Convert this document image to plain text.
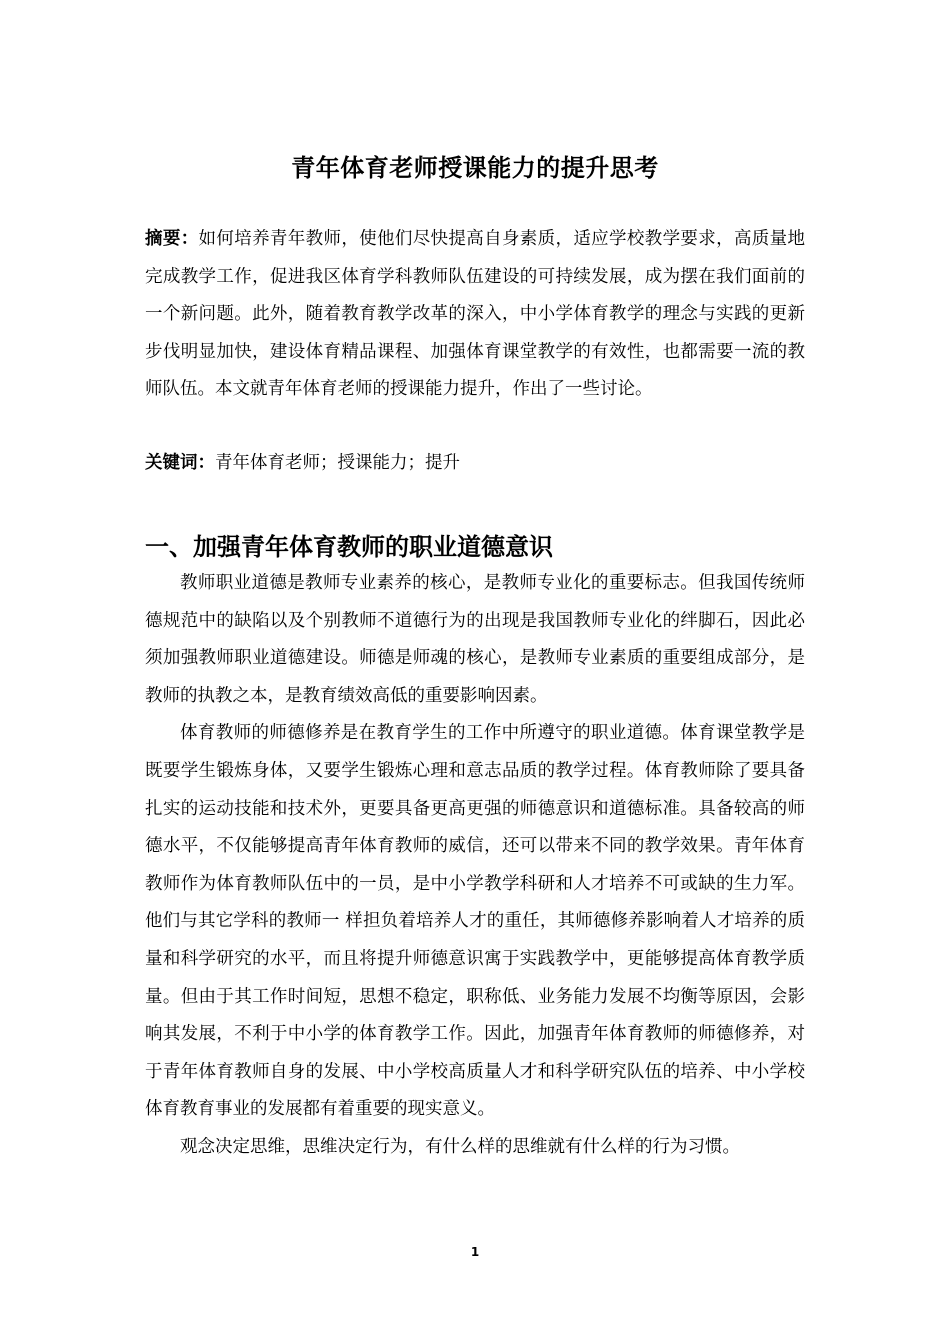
青年体育老师授课能力的提升思考

摘要：如何培养青年教师，使他们尽快提高自身素质，适应学校教学要求，高质量地完成教学工作，促进我区体育学科教师队伍建设的可持续发展，成为摆在我们面前的一个新问题。此外，随着教育教学改革的深入，中小学体育教学的理念与实践的更新步伐明显加快，建设体育精品课程、加强体育课堂教学的有效性，也都需要一流的教师队伍。本文就青年体育老师的授课能力提升，作出了一些讨论。

关键词：青年体育老师；授课能力；提升

一、加强青年体育教师的职业道德意识

教师职业道德是教师专业素养的核心，是教师专业化的重要标志。但我国传统师德规范中的缺陷以及个别教师不道德行为的出现是我国教师专业化的绊脚石，因此必须加强教师职业道德建设。师德是师魂的核心，是教师专业素质的重要组成部分，是教师的执教之本，是教育绩效高低的重要影响因素。

体育教师的师德修养是在教育学生的工作中所遵守的职业道德。体育课堂教学是既要学生锻炼身体，又要学生锻炼心理和意志品质的教学过程。体育教师除了要具备扎实的运动技能和技术外，更要具备更高更强的师德意识和道德标准。具备较高的师德水平，不仅能够提高青年体育教师的威信，还可以带来不同的教学效果。青年体育教师作为体育教师队伍中的一员，是中小学教学科研和人才培养不可或缺的生力军。他们与其它学科的教师一 样担负着培养人才的重任，其师德修养影响着人才培养的质量和科学研究的水平，而且将提升师德意识寓于实践教学中，更能够提高体育教学质量。但由于其工作时间短，思想不稳定，职称低、业务能力发展不均衡等原因，会影响其发展，不利于中小学的体育教学工作。因此，加强青年体育教师的师德修养，对于青年体育教师自身的发展、中小学校高质量人才和科学研究队伍的培养、中小学校体育教育事业的发展都有着重要的现实意义。

观念决定思维，思维决定行为，有什么样的思维就有什么样的行为习惯。

1
